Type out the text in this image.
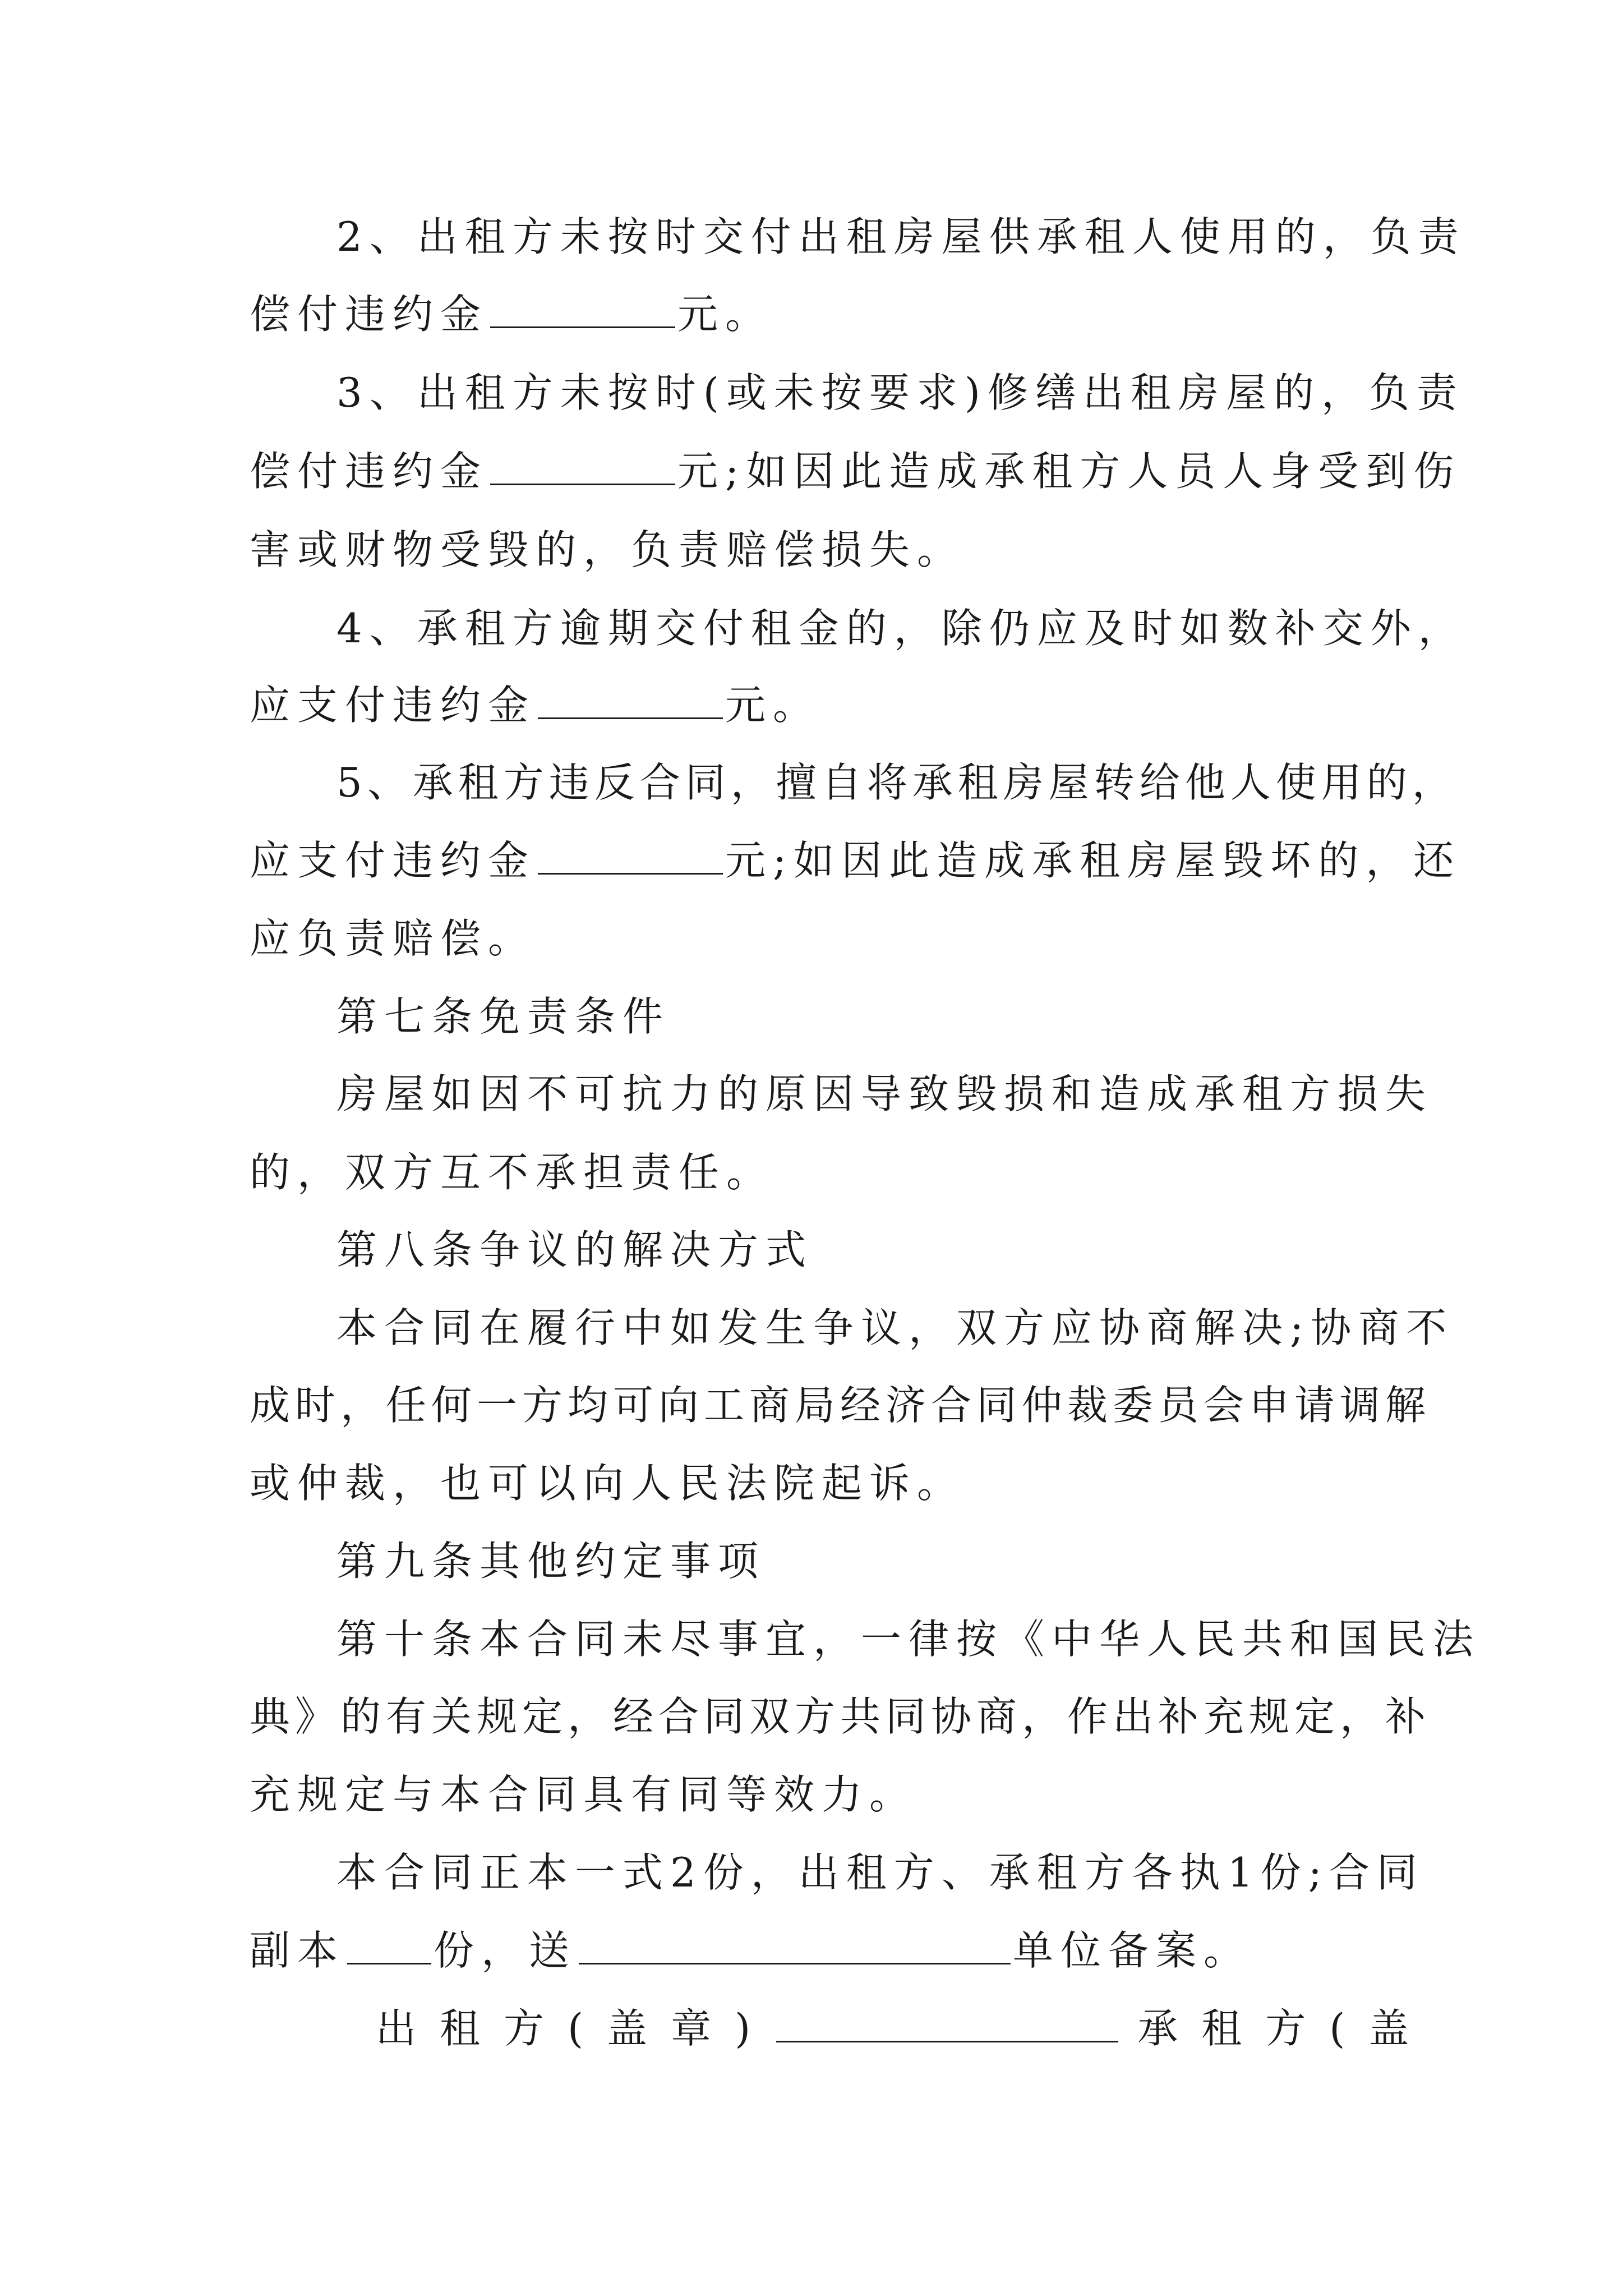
2、出租方未按时交付出租房屋供承租人使用的，负责
偿付违约金	元。
3、出租方未按时(或未按要求)修缮出租房屋的，负责
偿付违约金	元;如因此造成承租方人员人身受到伤
害或财物受毁的，负责赔偿损失。
4、承租方逾期交付租金的，除仍应及时如数补交外，
应支付违约金	元。
5、承租方违反合同，擅自将承租房屋转给他人使用的，
应支付违约金	元;如因此造成承租房屋毁坏的，还
应负责赔偿。
第七条免责条件
房屋如因不可抗力的原因导致毁损和造成承租方损失
的，双方互不承担责任。
第八条争议的解决方式
本合同在履行中如发生争议，双方应协商解决;协商不
成时，任何一方均可向工商局经济合同仲裁委员会申请调解
或仲裁，也可以向人民法院起诉。
第九条其他约定事项
第十条本合同未尽事宜，一律按《中华人民共和国民法
典》的有关规定，经合同双方共同协商，作出补充规定，补
充规定与本合同具有同等效力。
本合同正本一式2份，出租方、承租方各执1份;合同
副本 份，送	单位备案。
出租方(盖章)	承租方(盖
